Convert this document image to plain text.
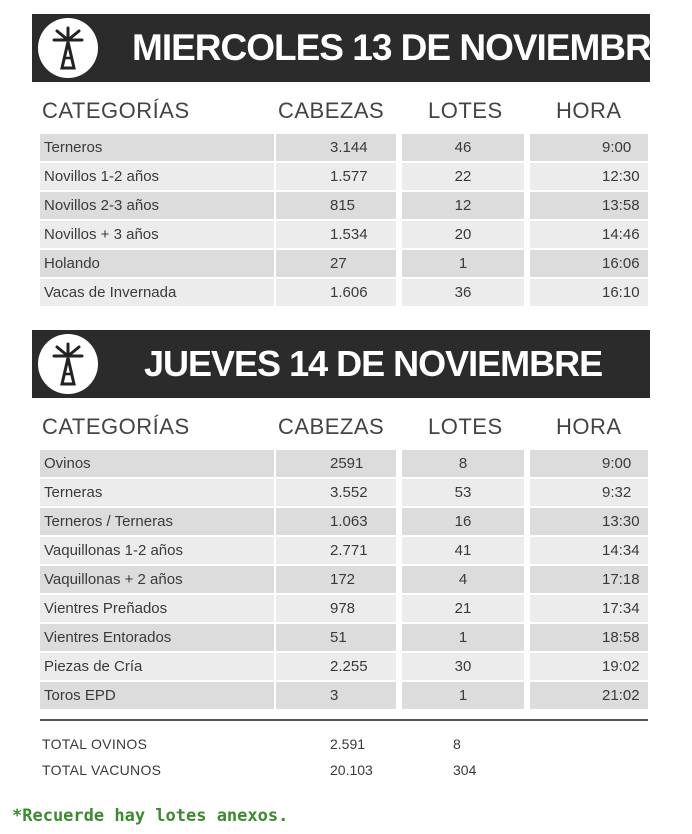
MIERCOLES 13 DE NOVIEMBRE
CATEGORÍAS	CABEZAS LOTES HORA
Terneros	3.144	46	9:00
Novillos 1-2 años	1.577	22	12:30
Novillos 2-3 años	815	12	13:58
Novillos + 3 años	1.534	20	14:46
Holando	27	1	16:06
Vacas de Invernada	1.606	36	16:10
JUEVES 14 DE NOVIEMBRE
CATEGORÍAS	CABEZAS LOTES HORA
Ovinos	2591	8	9:00
Terneras	3.552	53	9:32
Terneros / Terneras	1.063	16	13:30
Vaquillonas 1-2 años	2.771	41	14:34
Vaquillonas + 2 años	172	4	17:18
Vientres Preñados	978	21	17:34
Vientres Entorados	51	1	18:58
Piezas de Cría	2.255	30	19:02
Toros EPD	3	1	21:02
TOTAL OVINOS	2.591	8
TOTAL VACUNOS	20.103	304
*Recuerde hay lotes anexos.
